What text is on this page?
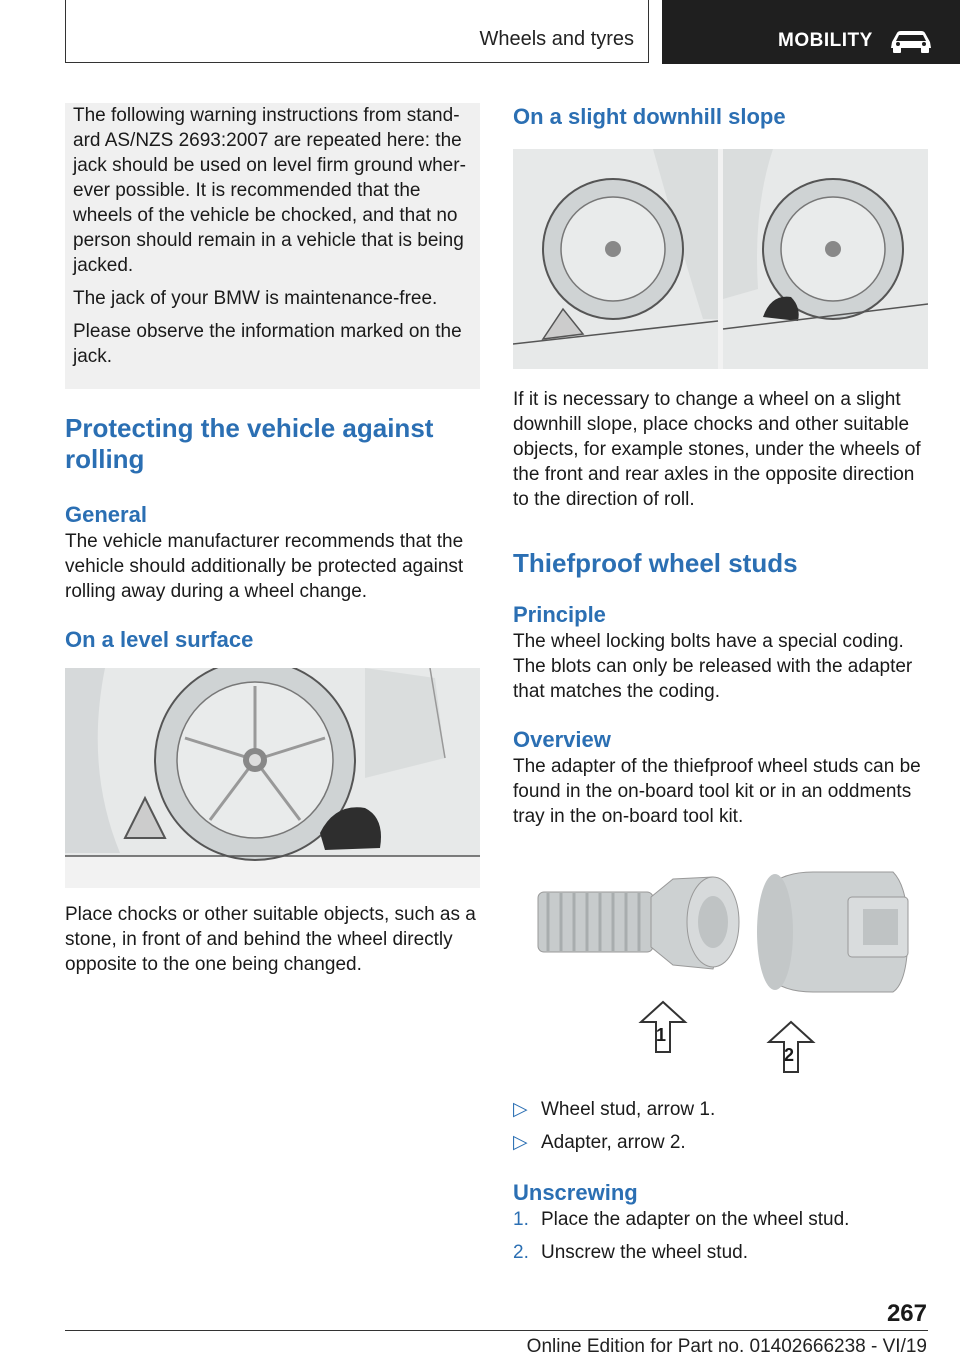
Wheels and tyres	MOBILITY

The following warning instructions from standard AS/NZS 2693:2007 are repeated here: the jack should be used on level firm ground wherever possible. It is recommended that the wheels of the vehicle be chocked, and that no person should remain in a vehicle that is being jacked.

The jack of your BMW is maintenance-free.

Please observe the information marked on the jack.

Protecting the vehicle against rolling
General

The vehicle manufacturer recommends that the vehicle should additionally be protected against rolling away during a wheel change.

On a level surface

Place chocks or other suitable objects, such as a stone, in front of and behind the wheel directly opposite to the one being changed.

On a slight downhill slope

If it is necessary to change a wheel on a slight downhill slope, place chocks and other suitable objects, for example stones, under the wheels of the front and rear axles in the opposite direction to the direction of roll.

Thiefproof wheel studs
Principle

The wheel locking bolts have a special coding. The blots can only be released with the adapter that matches the coding.

Overview

The adapter of the thiefproof wheel studs can be found in the on-board tool kit or in an oddments tray in the on-board tool kit.

1
2
▷ Wheel stud, arrow 1.
▷ Adapter, arrow 2.
Unscrewing
1. Place the adapter on the wheel stud.
2. Unscrew the wheel stud.
267
Online Edition for Part no. 01402666238 - VI/19
